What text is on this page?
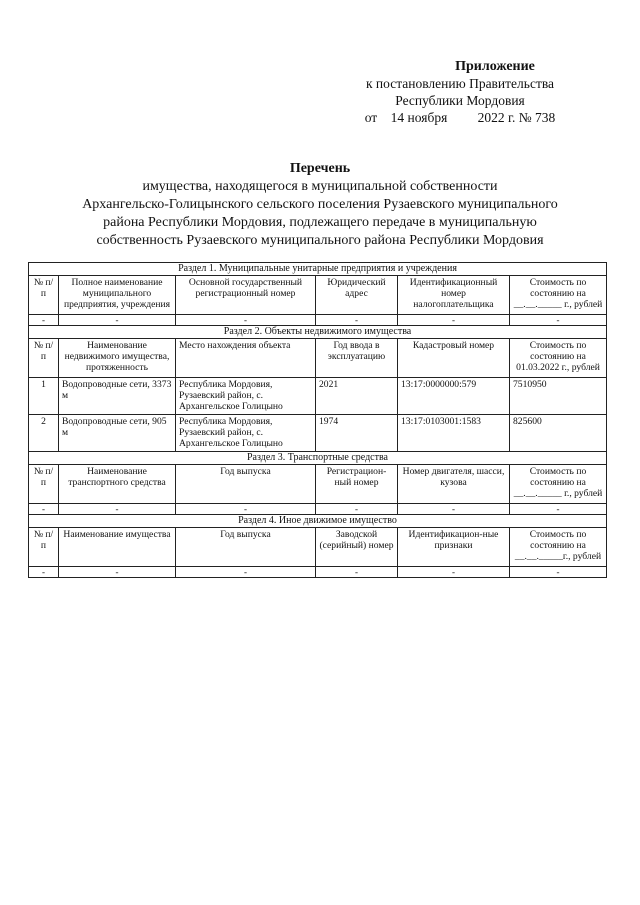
Приложение
к постановлению Правительства
Республики Мордовия
от    14 ноября         2022 г. № 738
Перечень
имущества, находящегося в муниципальной собственности
Архангельско-Голицынского сельского поселения Рузаевского муниципального
района Республики Мордовия, подлежащего передаче в муниципальную
собственность Рузаевского муниципального района Республики Мордовия
Раздел 1. Муниципальные унитарные предприятия и учреждения					
№ п/п	Полное наименование муниципального предприятия, учреждения	Основной государственный регистрационный номер	Юридический адрес	Идентификационный номер налогоплательщика	Стоимость по состоянию на __.__._____ г., рублей
-	-	-	-	-	-
Раздел 2. Объекты недвижимого имущества					
№ п/п	Наименование недвижимого имущества, протяженность	Место нахождения объекта	Год ввода в эксплуатацию	Кадастровый номер	Стоимость по состоянию на 01.03.2022 г., рублей
1	Водопроводные сети, 3373 м	Республика Мордовия, Рузаевский район, с. Архангельское Голицыно	2021	13:17:0000000:579	7510950
2	Водопроводные сети, 905 м	Республика Мордовия, Рузаевский район, с. Архангельское Голицыно	1974	13:17:0103001:1583	825600
Раздел 3. Транспортные средства					
№ п/п	Наименование транспортного средства	Год выпуска	Регистрацион-ный номер	Номер двигателя, шасси, кузова	Стоимость по состоянию на __.__._____ г., рублей
-	-	-	-	-	-
Раздел 4. Иное движимое имущество					
№ п/п	Наименование имущества	Год выпуска	Заводской (серийный) номер	Идентификацион-ные признаки	Стоимость по состоянию на __.__._____г., рублей
-	-	-	-	-	-
